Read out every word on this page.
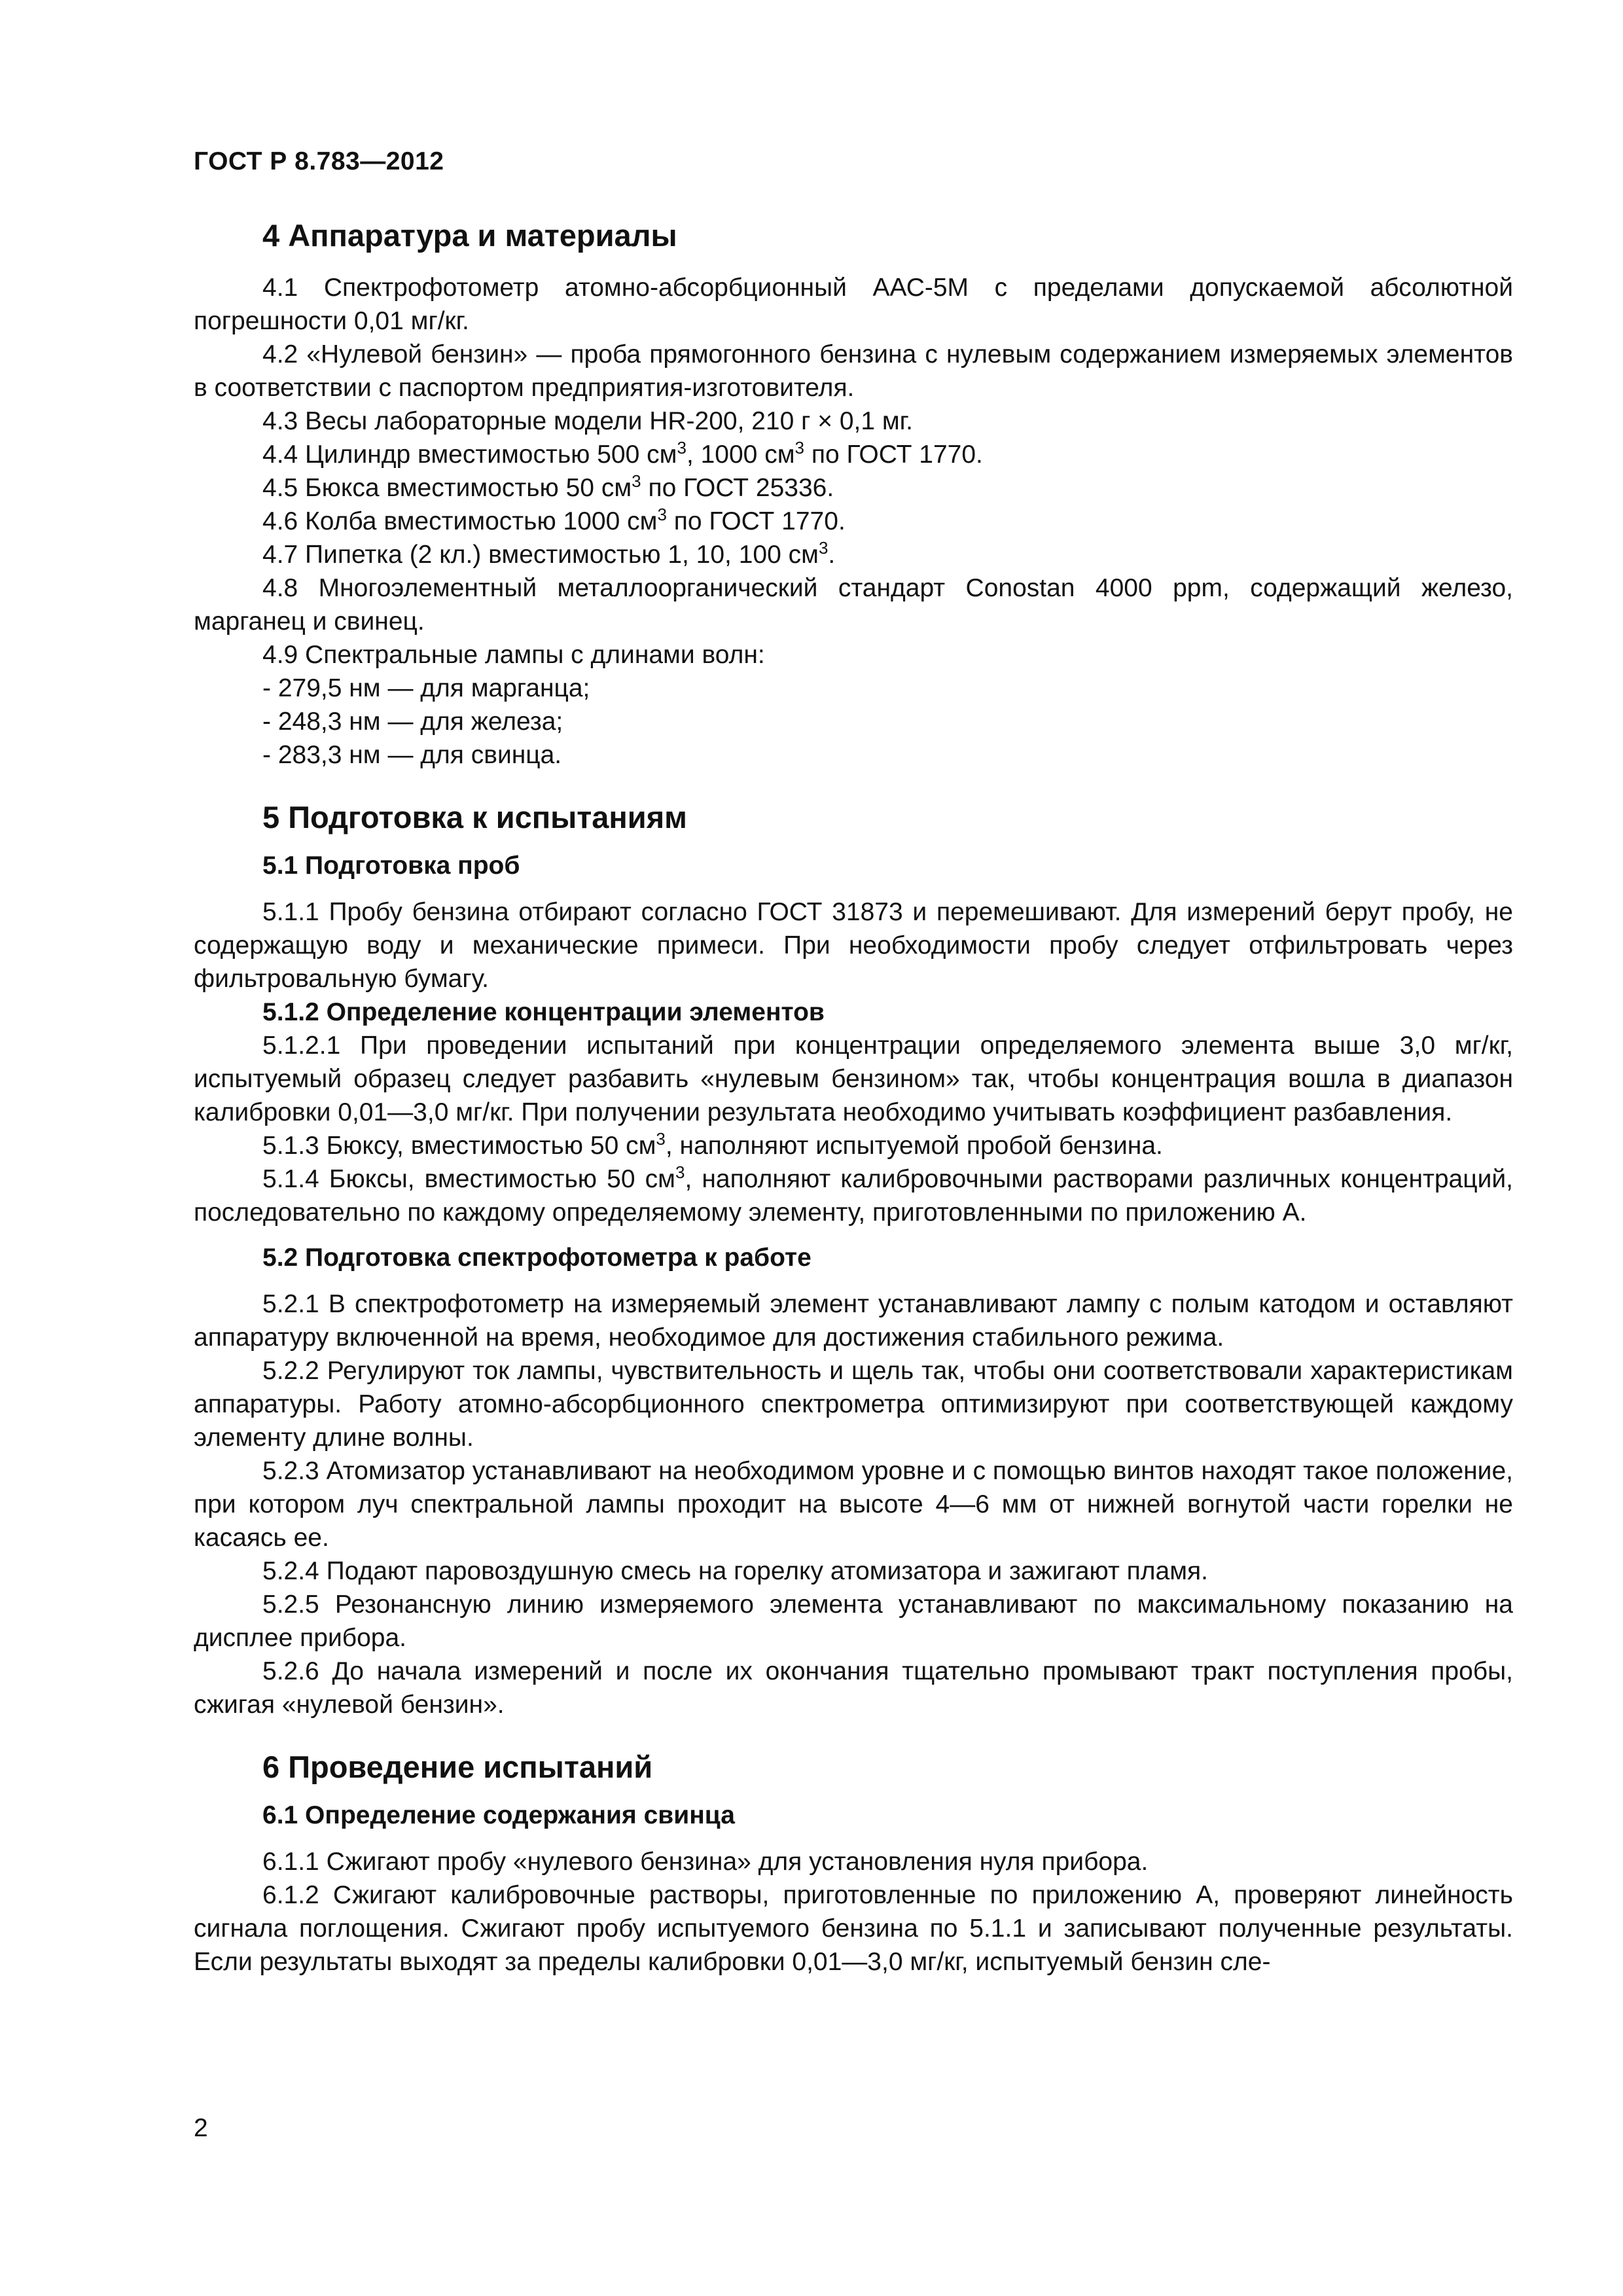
ГОСТ Р 8.783—2012
4 Аппаратура и материалы

4.1 Спектрофотометр атомно-абсорбционный ААС-5М с пределами допускаемой абсолютной погрешности 0,01 мг/кг.

4.2 «Нулевой бензин» — проба прямогонного бензина с нулевым содержанием измеряемых элементов в соответствии с паспортом предприятия-изготовителя.

4.3 Весы лабораторные модели HR-200, 210 г × 0,1 мг.

4.4 Цилиндр вместимостью 500 $см^3$, 1000 $см^3$ по ГОСТ 1770.

4.5 Бюкса вместимостью 50 $см^3$ по ГОСТ 25336.

4.6 Колба вместимостью 1000 $см^3$ по ГОСТ 1770.

4.7 Пипетка (2 кл.) вместимостью 1, 10, 100 $см^3$.

4.8 Многоэлементный металлоорганический стандарт Conostan 4000 ppm, содержащий железо, марганец и свинец.

4.9 Спектральные лампы с длинами волн:

- 279,5 нм — для марганца;
- 248,3 нм — для железа;
- 283,3 нм — для свинца.
5 Подготовка к испытаниям
5.1 Подготовка проб

5.1.1 Пробу бензина отбирают согласно ГОСТ 31873 и перемешивают. Для измерений берут пробу, не содержащую воду и механические примеси. При необходимости пробу следует отфильтровать через фильтровальную бумагу.

5.1.2 Определение концентрации элементов

5.1.2.1 При проведении испытаний при концентрации определяемого элемента выше 3,0 мг/кг, испытуемый образец следует разбавить «нулевым бензином» так, чтобы концентрация вошла в диапазон калибровки 0,01—3,0 мг/кг. При получении результата необходимо учитывать коэффициент разбавления.

5.1.3 Бюксу, вместимостью 50 $см^3$, наполняют испытуемой пробой бензина.

5.1.4 Бюксы, вместимостью 50 $см^3$, наполняют калибровочными растворами различных концентраций, последовательно по каждому определяемому элементу, приготовленными по приложению А.

5.2 Подготовка спектрофотометра к работе

5.2.1 В спектрофотометр на измеряемый элемент устанавливают лампу с полым катодом и оставляют аппаратуру включенной на время, необходимое для достижения стабильного режима.

5.2.2 Регулируют ток лампы, чувствительность и щель так, чтобы они соответствовали характеристикам аппаратуры. Работу атомно-абсорбционного спектрометра оптимизируют при соответствующей каждому элементу длине волны.

5.2.3 Атомизатор устанавливают на необходимом уровне и с помощью винтов находят такое положение, при котором луч спектральной лампы проходит на высоте 4—6 мм от нижней вогнутой части горелки не касаясь ее.

5.2.4 Подают паровоздушную смесь на горелку атомизатора и зажигают пламя.

5.2.5 Резонансную линию измеряемого элемента устанавливают по максимальному показанию на дисплее прибора.

5.2.6 До начала измерений и после их окончания тщательно промывают тракт поступления пробы, сжигая «нулевой бензин».

6 Проведение испытаний
6.1 Определение содержания свинца

6.1.1 Сжигают пробу «нулевого бензина» для установления нуля прибора.

6.1.2 Сжигают калибровочные растворы, приготовленные по приложению А, проверяют линейность сигнала поглощения. Сжигают пробу испытуемого бензина по 5.1.1 и записывают полученные результаты. Если результаты выходят за пределы калибровки 0,01—3,0 мг/кг, испытуемый бензин сле-

2
